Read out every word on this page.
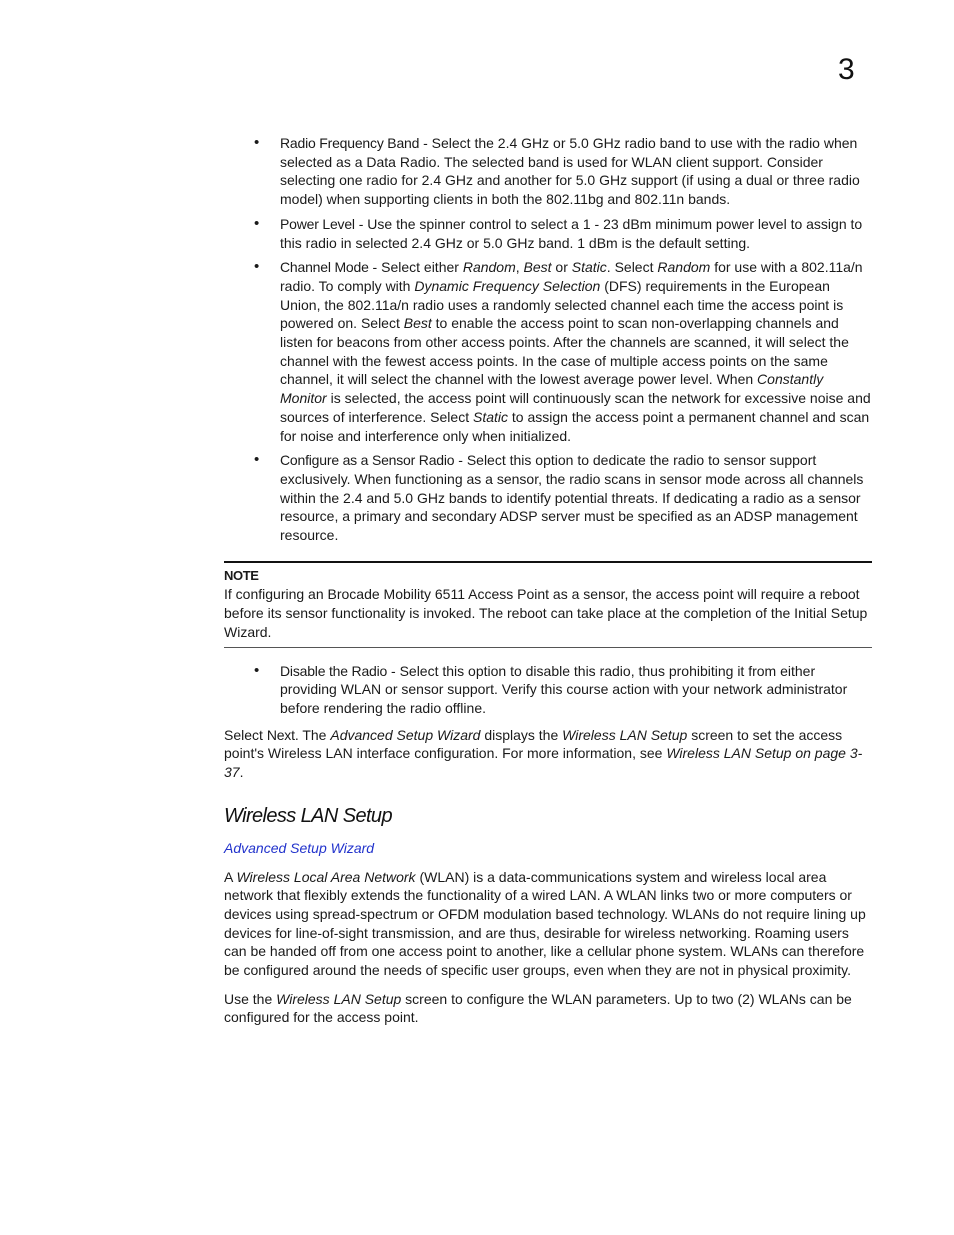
3
• Radio Frequency Band - Select the 2.4 GHz or 5.0 GHz radio band to use with the radio when selected as a Data Radio. The selected band is used for WLAN client support. Consider selecting one radio for 2.4 GHz and another for 5.0 GHz support (if using a dual or three radio model) when supporting clients in both the 802.11bg and 802.11n bands.
• Power Level - Use the spinner control to select a 1 - 23 dBm minimum power level to assign to this radio in selected 2.4 GHz or 5.0 GHz band. 1 dBm is the default setting.
• Channel Mode - Select either Random, Best or Static. Select Random for use with a 802.11a/n radio. To comply with Dynamic Frequency Selection (DFS) requirements in the European Union, the 802.11a/n radio uses a randomly selected channel each time the access point is powered on. Select Best to enable the access point to scan non-overlapping channels and listen for beacons from other access points. After the channels are scanned, it will select the channel with the fewest access points. In the case of multiple access points on the same channel, it will select the channel with the lowest average power level. When Constantly Monitor is selected, the access point will continuously scan the network for excessive noise and sources of interference. Select Static to assign the access point a permanent channel and scan for noise and interference only when initialized.
• Configure as a Sensor Radio - Select this option to dedicate the radio to sensor support exclusively. When functioning as a sensor, the radio scans in sensor mode across all channels within the 2.4 and 5.0 GHz bands to identify potential threats. If dedicating a radio as a sensor resource, a primary and secondary ADSP server must be specified as an ADSP management resource.
NOTE

If configuring an Brocade Mobility 6511 Access Point as a sensor, the access point will require a reboot before its sensor functionality is invoked. The reboot can take place at the completion of the Initial Setup Wizard.

• Disable the Radio - Select this option to disable this radio, thus prohibiting it from either providing WLAN or sensor support. Verify this course action with your network administrator before rendering the radio offline.

Select Next. The Advanced Setup Wizard displays the Wireless LAN Setup screen to set the access point's Wireless LAN interface configuration. For more information, see Wireless LAN Setup on page 3-37.

Wireless LAN Setup
Advanced Setup Wizard

A Wireless Local Area Network (WLAN) is a data-communications system and wireless local area network that flexibly extends the functionality of a wired LAN. A WLAN links two or more computers or devices using spread-spectrum or OFDM modulation based technology. WLANs do not require lining up devices for line-of-sight transmission, and are thus, desirable for wireless networking. Roaming users can be handed off from one access point to another, like a cellular phone system. WLANs can therefore be configured around the needs of specific user groups, even when they are not in physical proximity.

Use the Wireless LAN Setup screen to configure the WLAN parameters. Up to two (2) WLANs can be configured for the access point.
